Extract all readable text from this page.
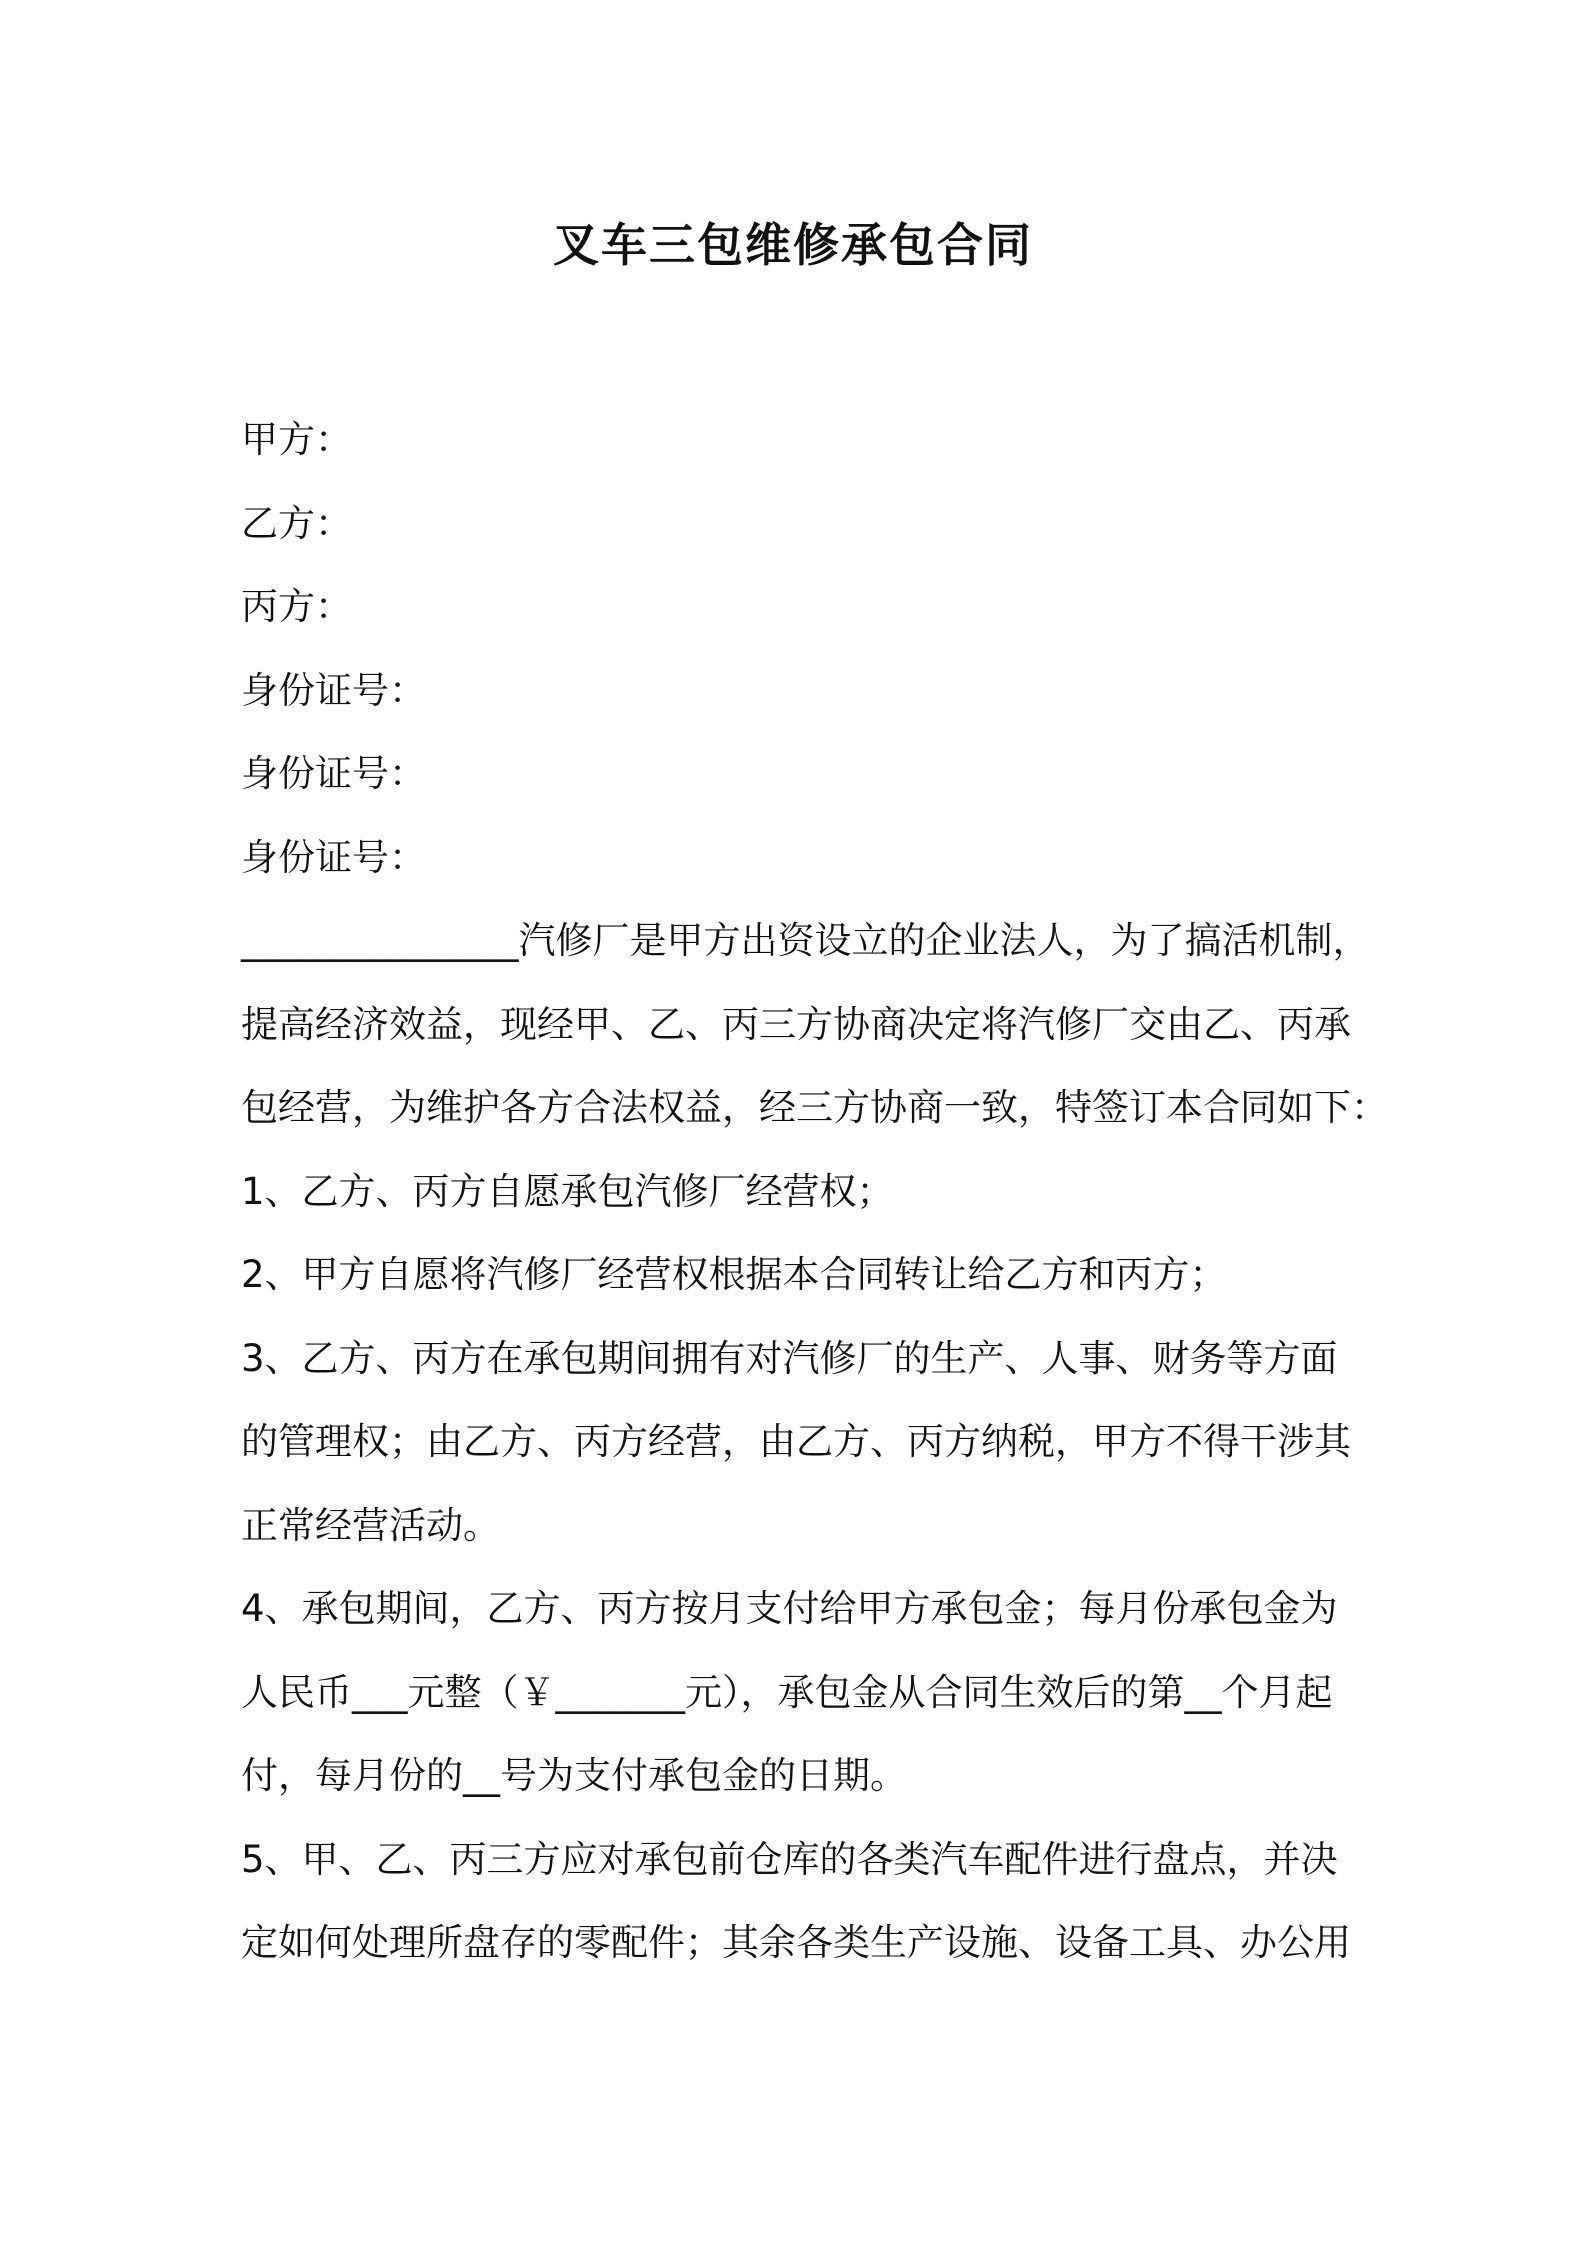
叉车三包维修承包合同
甲方：
乙方：
丙方：
身份证号：
身份证号：
身份证号：
_______________汽修厂是甲方出资设立的企业法人，为了搞活机制，
提高经济效益，现经甲、乙、丙三方协商决定将汽修厂交由乙、丙承
包经营，为维护各方合法权益，经三方协商一致，特签订本合同如下：
1、乙方、丙方自愿承包汽修厂经营权；
2、甲方自愿将汽修厂经营权根据本合同转让给乙方和丙方；
3、乙方、丙方在承包期间拥有对汽修厂的生产、人事、财务等方面
的管理权；由乙方、丙方经营，由乙方、丙方纳税，甲方不得干涉其
正常经营活动。
4、承包期间，乙方、丙方按月支付给甲方承包金；每月份承包金为
人民币___元整（￥_______元），承包金从合同生效后的第__个月起
付，每月份的__号为支付承包金的日期。
5、甲、乙、丙三方应对承包前仓库的各类汽车配件进行盘点，并决
定如何处理所盘存的零配件；其余各类生产设施、设备工具、办公用
